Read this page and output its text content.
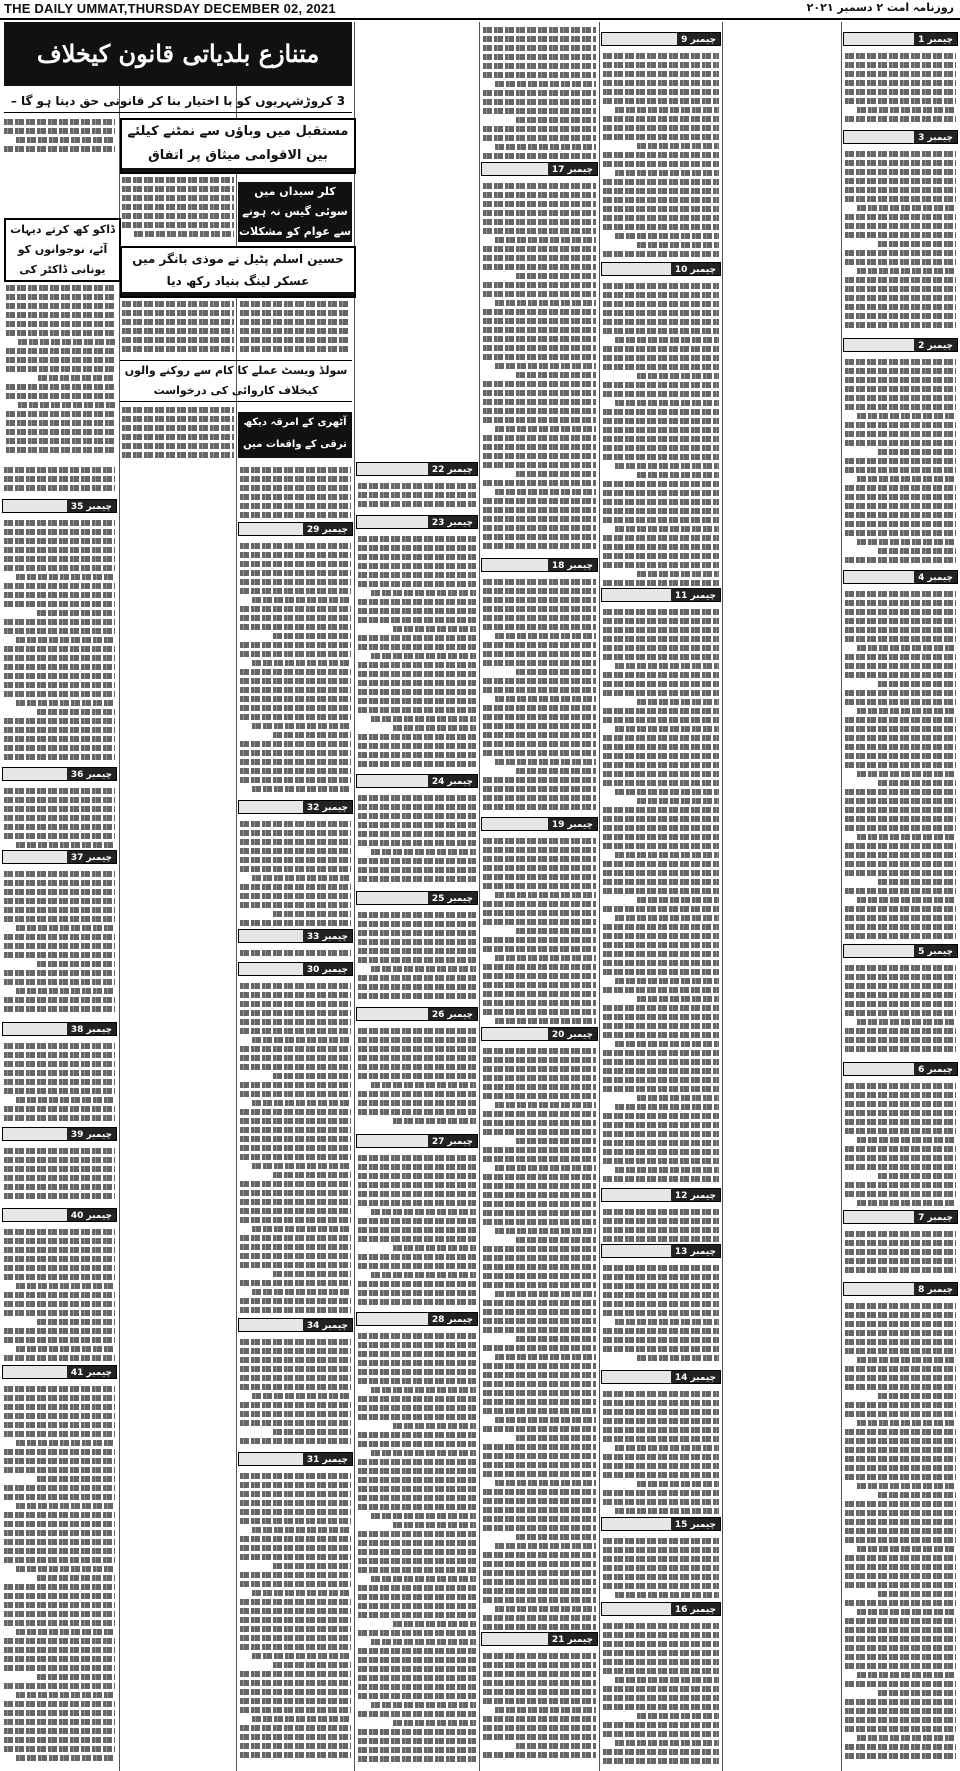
THE DAILY UMMAT,THURSDAY DECEMBER 02, 2021	روزنامہ امت ۲ دسمبر ۲۰۲۱
متنازع بلدیاتی قانون کیخلاف
3 کروڑشہریوں کو با اختیار بنا کر قانونی حق دینا ہو گا –
مستقبل میں وباؤں سے نمٹنے کیلئے بین الاقوامی میثاق پر اتفاق
ڈاکو کھ کرتے دیہات آئے، نوجوانوں کو یونانی ڈاکٹر کی
کلر سیداں میں سوئی گیس نہ ہونے سے عوام کو مشکلات
حسین اسلم پٹیل نے موذی بانگر میں عسکر لینگ بنیاد رکھ دیا
سولڈ ویسٹ عملے کا کام سے روکنے والوں کیخلاف کاروائی کی درخواست
آٹھری کے امرقہ دیکھ ترقی کے واقعات میں
چیمبر 1
چیمبر 3
چیمبر 2
چیمبر 4
چیمبر 5
چیمبر 6
چیمبر 7
چیمبر 8
چیمبر 9
چیمبر 10
چیمبر 11
چیمبر 12
چیمبر 13
چیمبر 14
چیمبر 15
چیمبر 16
چیمبر 17
چیمبر 18
چیمبر 19
چیمبر 20
چیمبر 21
چیمبر 22
چیمبر 23
چیمبر 24
چیمبر 25
چیمبر 26
چیمبر 27
چیمبر 28
چیمبر 29
چیمبر 32
چیمبر 33
چیمبر 30
چیمبر 34
چیمبر 31
چیمبر 35
چیمبر 36
چیمبر 37
چیمبر 38
چیمبر 39
چیمبر 40
چیمبر 41
